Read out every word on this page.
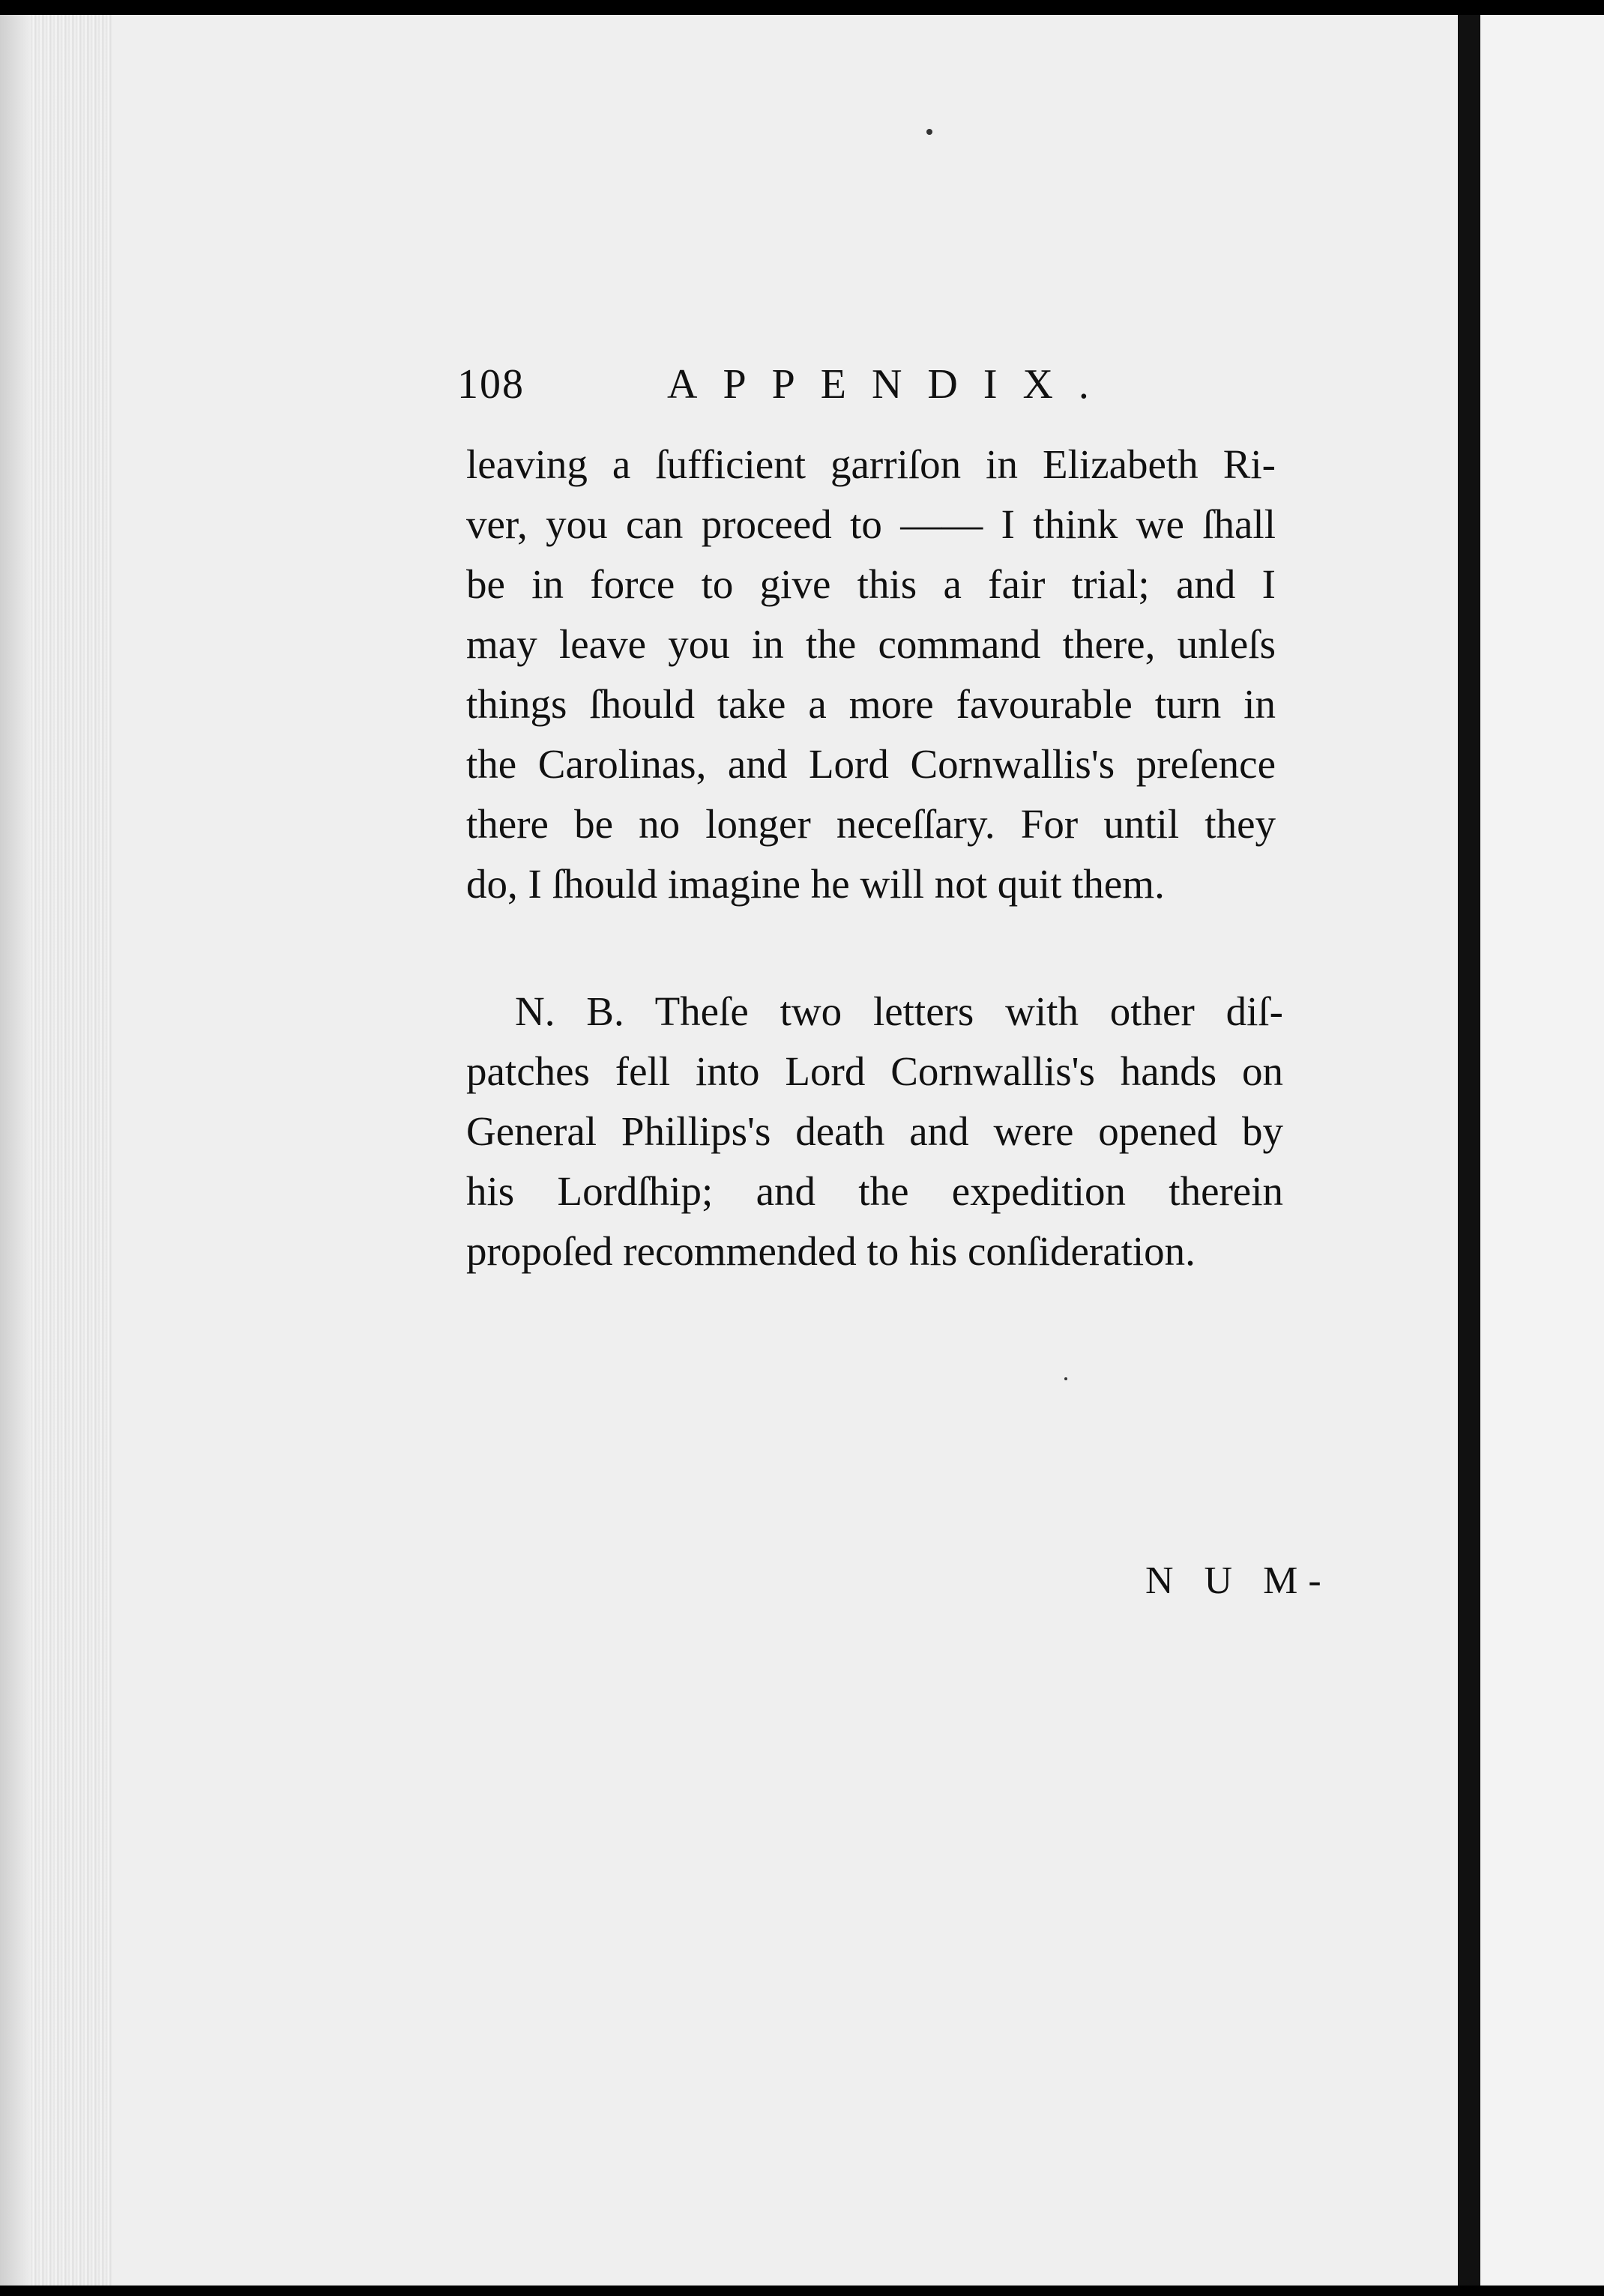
108	APPENDIX.
leaving a ſufficient garriſon in Elizabeth Ri-
ver, you can proceed to —— I think we ſhall
be in force to give this a fair trial; and I
may leave you in the command there, unleſs
things ſhould take a more favourable turn in
the Carolinas, and Lord Cornwallis's preſence
there be no longer neceſſary. For until they
do, I ſhould imagine he will not quit them.
N. B. Theſe two letters with other diſ-
patches fell into Lord Cornwallis's hands on
General Phillips's death and were opened by
his Lordſhip; and the expedition therein
propoſed recommended to his conſideration.
N U M-
